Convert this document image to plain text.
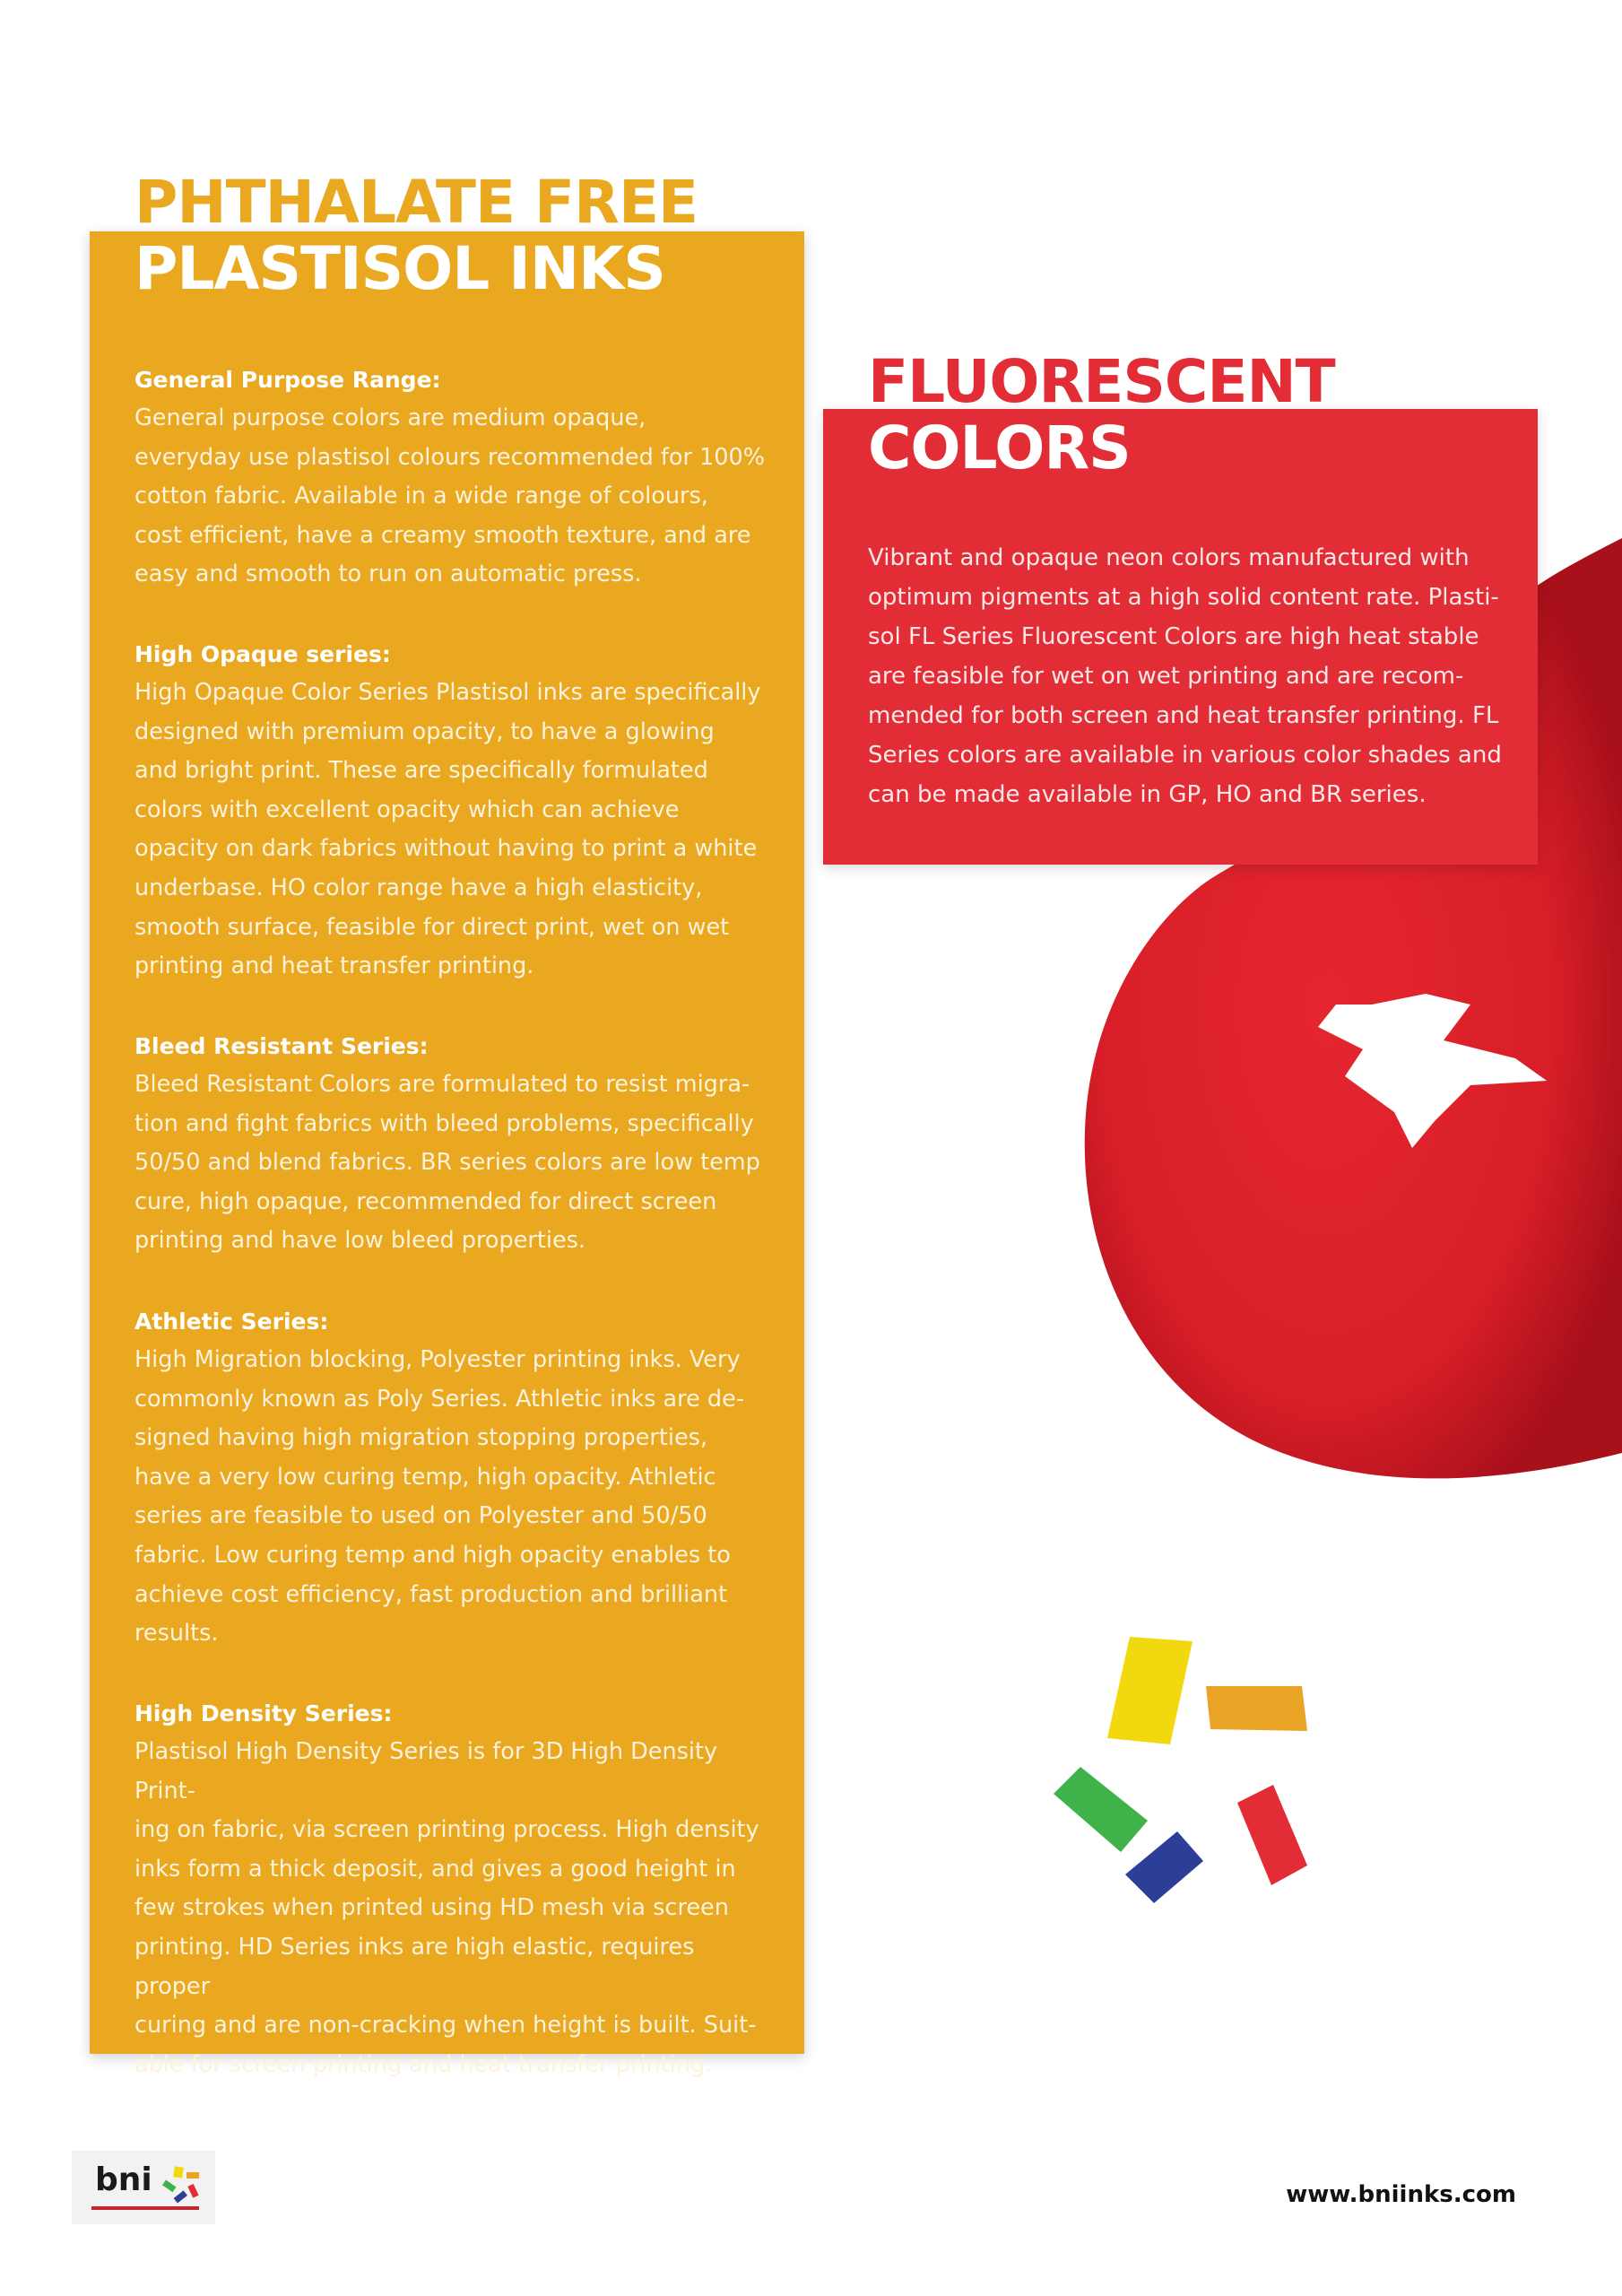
PHTHALATE FREE
PLASTISOL INKS
General Purpose Range:

General purpose colors are medium opaque,

everyday use plastisol colours recommended for 100%

cotton fabric. Available in a wide range of colours,

cost efficient, have a creamy smooth texture, and are

easy and smooth to run on automatic press.

High Opaque series:

High Opaque Color Series Plastisol inks are specifically

designed with premium opacity, to have a glowing

and bright print. These are specifically formulated

colors with excellent opacity which can achieve

opacity on dark fabrics without having to print a white

underbase. HO color range have a high elasticity,

smooth surface, feasible for direct print, wet on wet

printing and heat transfer printing.

Bleed Resistant Series:

Bleed Resistant Colors are formulated to resist migra-

tion and fight fabrics with bleed problems, specifically

50/50 and blend fabrics. BR series colors are low temp

cure, high opaque, recommended for direct screen

printing and have low bleed properties.

Athletic Series:

High Migration blocking, Polyester printing inks. Very

commonly known as Poly Series. Athletic inks are de-

signed having high migration stopping properties,

have a very low curing temp, high opacity. Athletic

series are feasible to used on Polyester and 50/50

fabric. Low curing temp and high opacity enables to

achieve cost efficiency, fast production and brilliant

results.

High Density Series:

Plastisol High Density Series is for 3D High Density Print-

ing on fabric, via screen printing process. High density

inks form a thick deposit, and gives a good height in

few strokes when printed using HD mesh via screen

printing. HD Series inks are high elastic, requires proper

curing and are non-cracking when height is built. Suit-

able for screen printing and heat transfer printing.

FLUORESCENT
COLORS
Vibrant and opaque neon colors manufactured with
optimum pigments at a high solid content rate. Plasti-
sol FL Series Fluorescent Colors are high heat stable
are feasible for wet on wet printing and are recom-
mended for both screen and heat transfer printing. FL
Series colors are available in various color shades and
can be made available in GP, HO and BR series.
bni	www.bniinks.com
